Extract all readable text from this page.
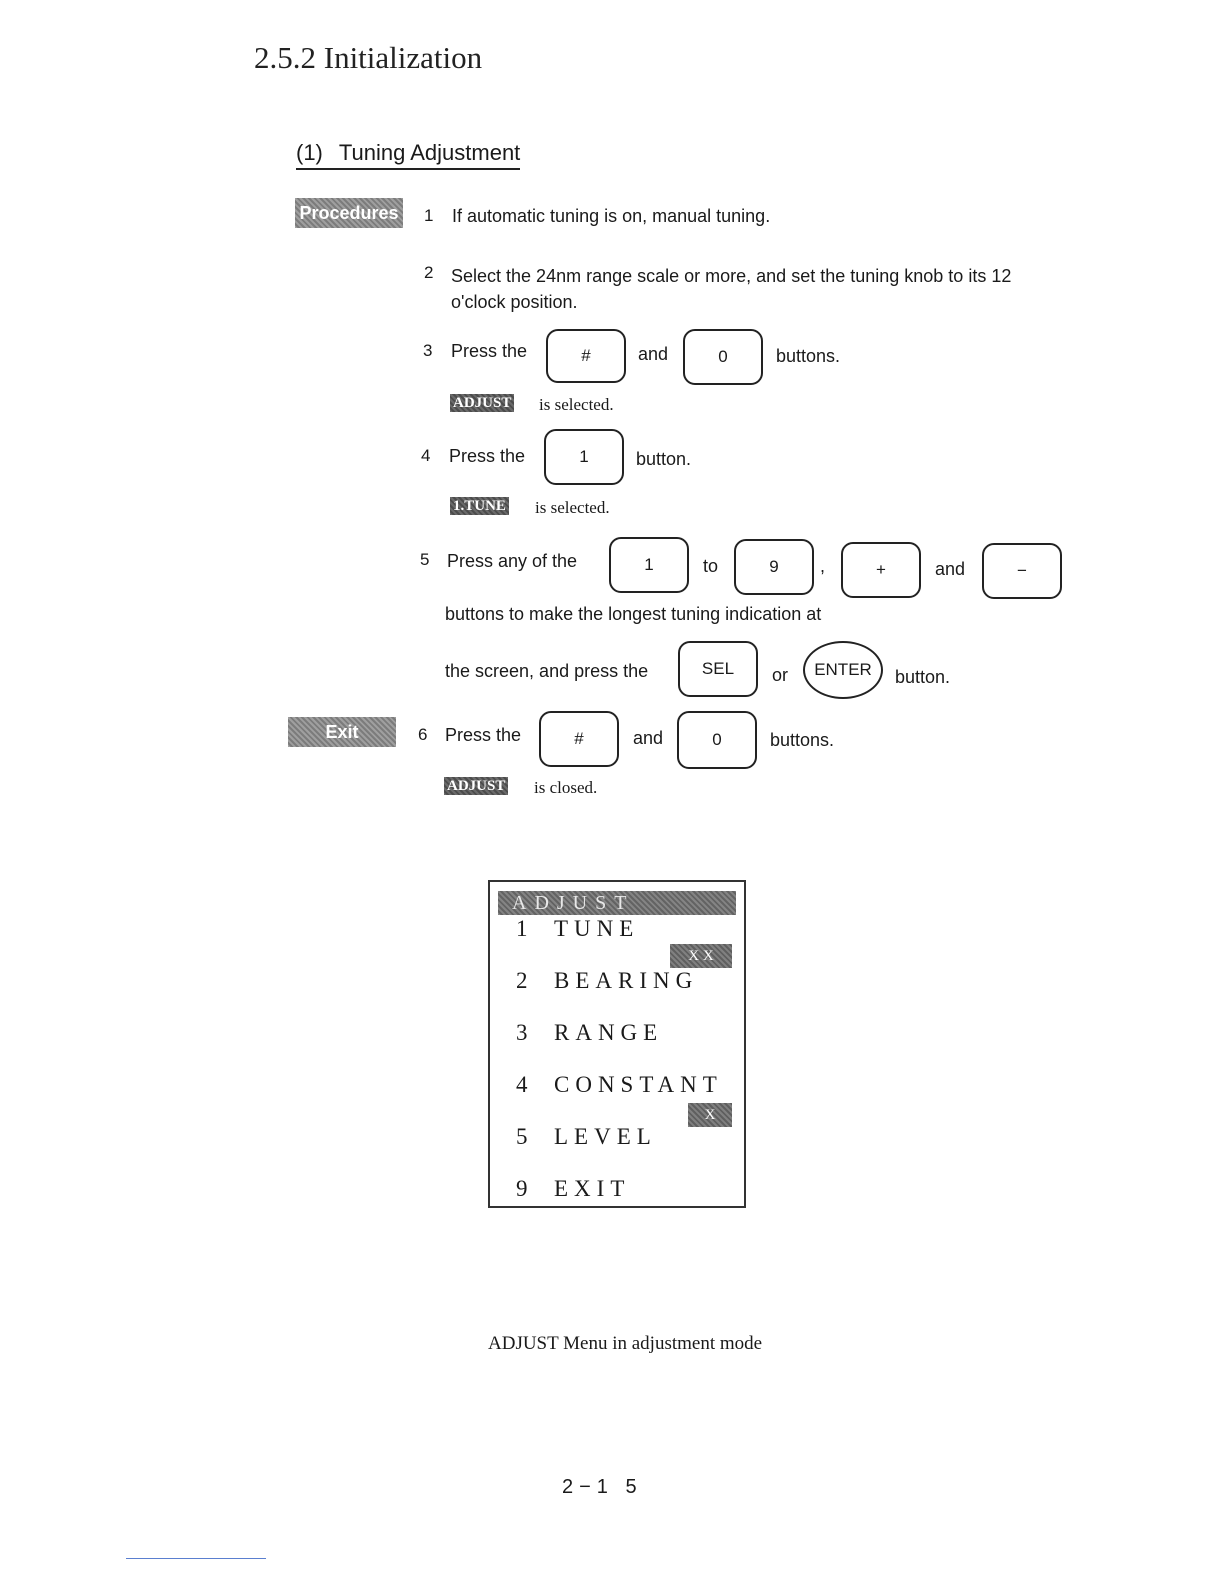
2.5.2 Initialization
(1) Tuning Adjustment
Procedures
Exit
1 If automatic tuning is on, manual tuning.
2 Select the 24nm range scale or more, and set the tuning knob to its 12
o'clock position.
3 Press the	#	and	0	buttons.
ADJUST is selected.
4 Press the	1	button.
1.TUNE is selected.
5 Press any of the	1	to	9	,	+	and	−
buttons to make the longest tuning indication at
the screen, and press the	SEL	or	ENTER	button.
6 Press the	#	and	0	buttons.
ADJUST is closed.
ADJUST
1 TUNE
X X
2 BEARING
3 RANGE
4 CONSTANT
X
5 LEVEL
9 EXIT
ADJUST Menu in adjustment mode
2−1 5
